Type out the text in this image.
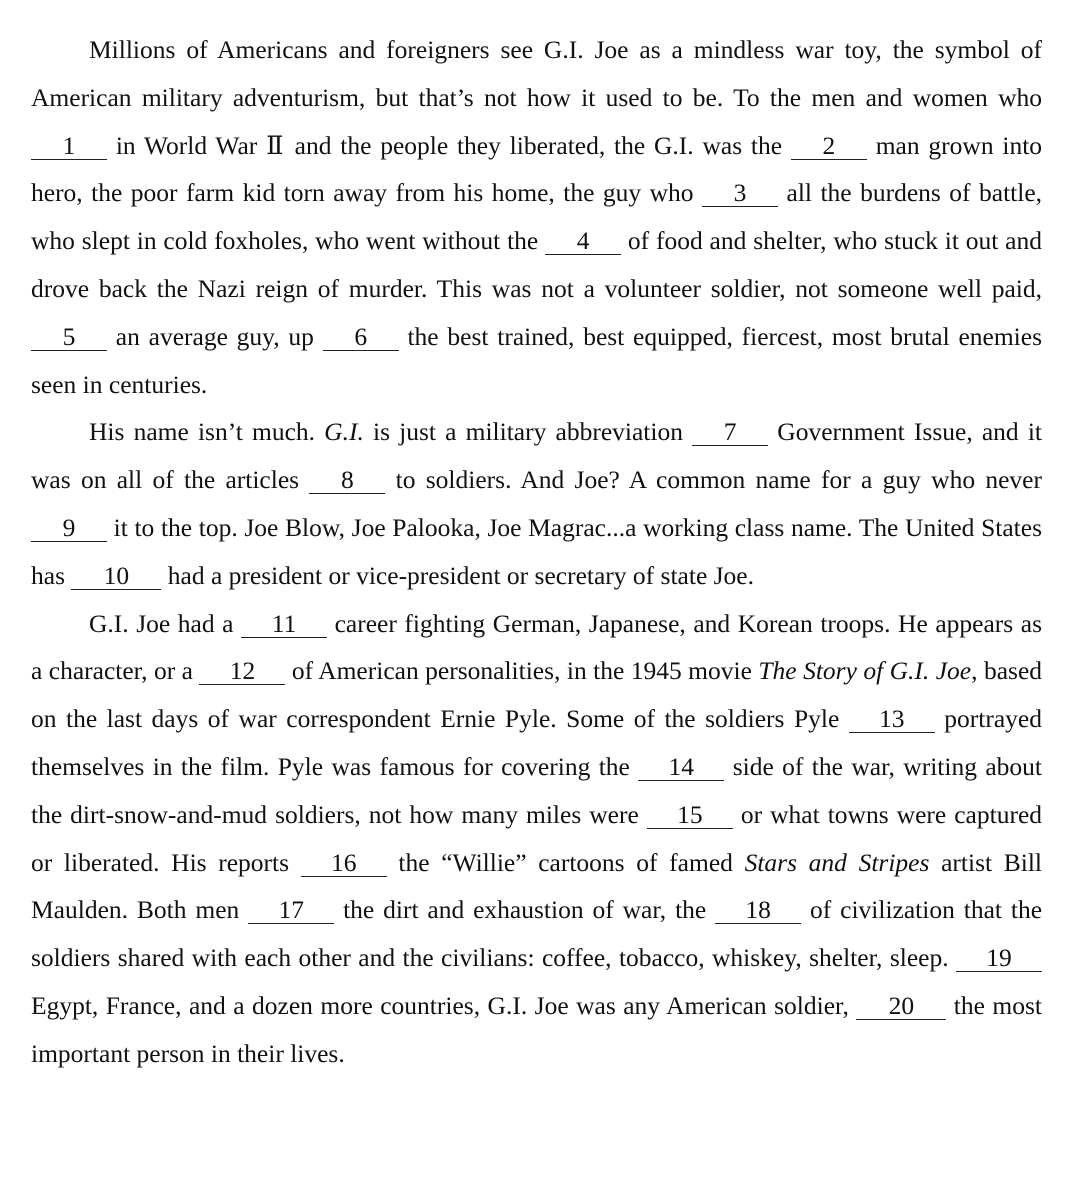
Millions of Americans and foreigners see G.I. Joe as a mindless war toy, the symbol of American military adventurism, but that’s not how it used to be. To the men and women who 1 in World War Ⅱ and the people they liberated, the G.I. was the 2 man grown into hero, the poor farm kid torn away from his home, the guy who 3 all the burdens of battle, who slept in cold foxholes, who went without the 4 of food and shelter, who stuck it out and drove back the Nazi reign of murder. This was not a volunteer soldier, not someone well paid, 5 an average guy, up 6 the best trained, best equipped, fiercest, most brutal enemies seen in centuries.

His name isn’t much. G.I. is just a military abbreviation 7 Government Issue, and it was on all of the articles 8 to soldiers. And Joe? A common name for a guy who never 9 it to the top. Joe Blow, Joe Palooka, Joe Magrac...a working class name. The United States has 10 had a president or vice-president or secretary of state Joe.

G.I. Joe had a 11 career fighting German, Japanese, and Korean troops. He appears as a character, or a 12 of American personalities, in the 1945 movie The Story of G.I. Joe, based on the last days of war correspondent Ernie Pyle. Some of the soldiers Pyle 13 portrayed themselves in the film. Pyle was famous for covering the 14 side of the war, writing about the dirt-snow-and-mud soldiers, not how many miles were 15 or what towns were captured or liberated. His reports 16 the “Willie” cartoons of famed Stars and Stripes artist Bill Maulden. Both men 17 the dirt and exhaustion of war, the 18 of civilization that the soldiers shared with each other and the civilians: coffee, tobacco, whiskey, shelter, sleep. 19 Egypt, France, and a dozen more countries, G.I. Joe was any American soldier, 20 the most important person in their lives.
